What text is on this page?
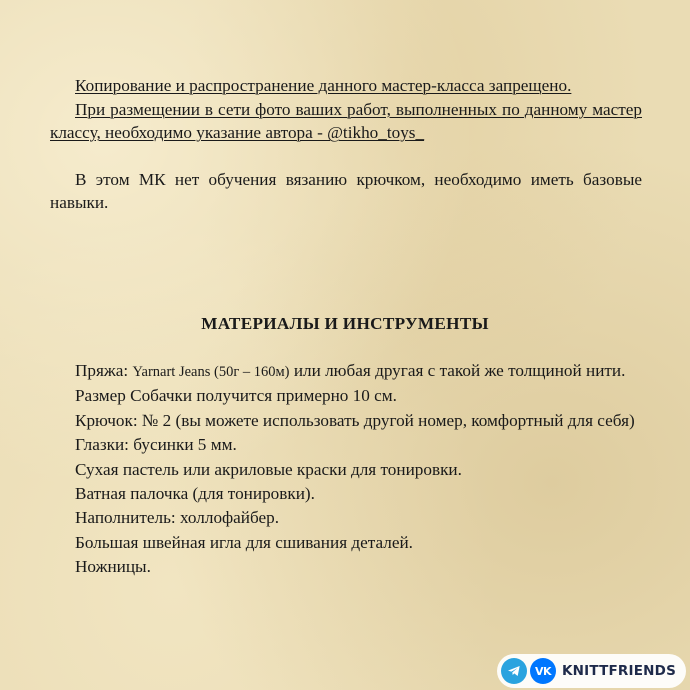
Копирование и распространение данного мастер-класса запрещено.

При размещении в сети фото ваших работ, выполненных по данному мастер классу, необходимо указание автора - @tikho_toys_

В этом МК нет обучения вязанию крючком, необходимо иметь базовые навыки.

МАТЕРИАЛЫ И ИНСТРУМЕНТЫ

Пряжа: Yarnart Jeans (50г – 160м) или любая другая с такой же толщиной нити.

Размер Собачки получится примерно 10 см.

Крючок: № 2 (вы можете использовать другой номер, комфортный для себя)

Глазки: бусинки 5 мм.

Сухая пастель или акриловые краски для тонировки.

Ватная палочка (для тонировки).

Наполнитель: холлофайбер.

Большая швейная игла для сшивания деталей.

Ножницы.

VK KNITTFRIENDS
